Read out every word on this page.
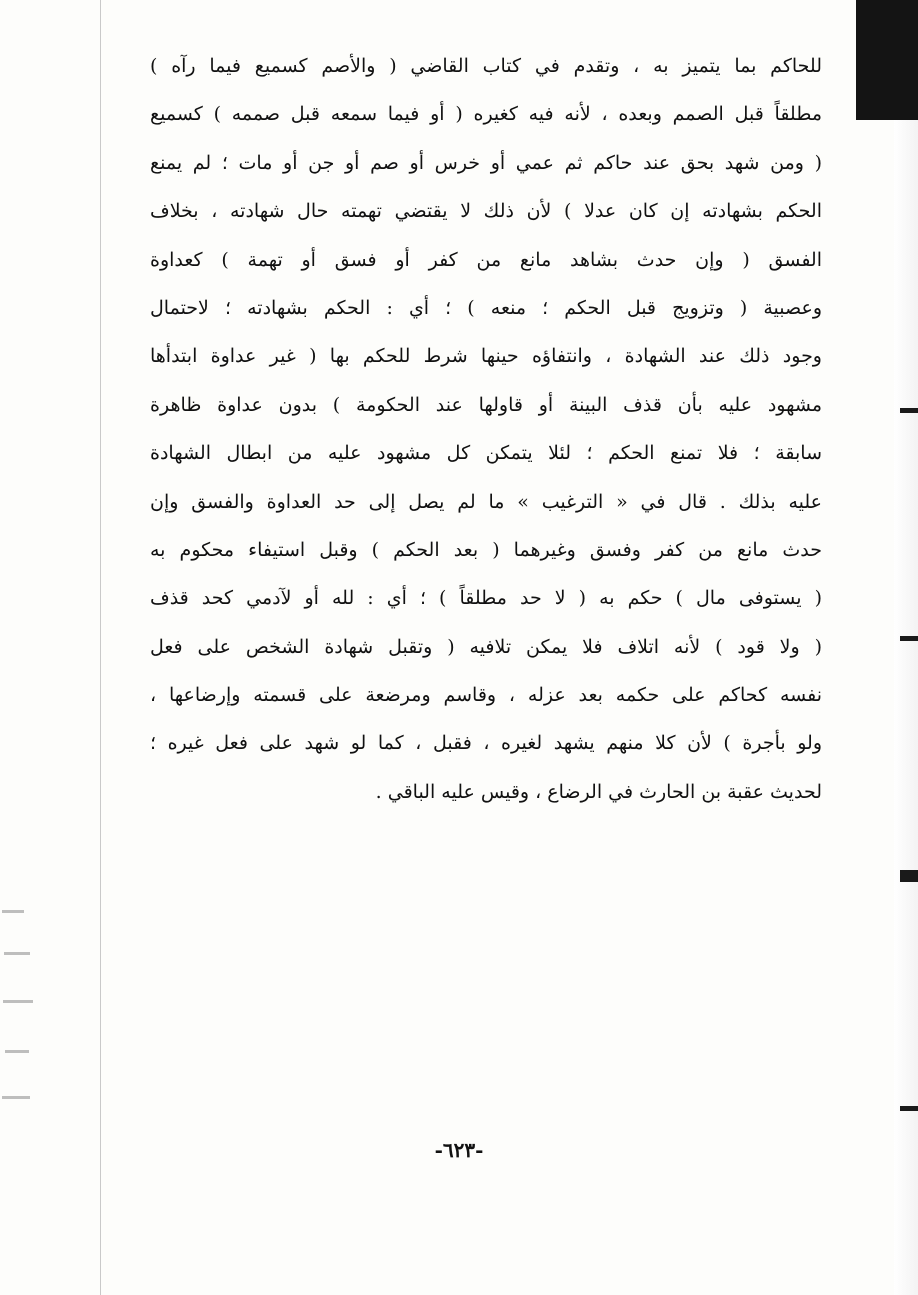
للحاكم بما يتميز به ، وتقدم في كتاب القاضي ( والأصم كسميع فيما رآه )
مطلقاً قبل الصمم وبعده ، لأنه فيه كغيره ( أو فيما سمعه قبل صممه ) كسميع
( ومن شهد بحق عند حاكم ثم عمي أو خرس أو صم أو جن أو مات ؛ لم يمنع
الحكم بشهادته إن كان عدلا ) لأن ذلك لا يقتضي تهمته حال شهادته ، بخلاف
الفسق ( وإن حدث بشاهد مانع من كفر أو فسق أو تهمة ) كعداوة
وعصبية ( وتزويج قبل الحكم ؛ منعه ) ؛ أي : الحكم بشهادته ؛ لاحتمال
وجود ذلك عند الشهادة ، وانتفاؤه حينها شرط للحكم بها ( غير عداوة ابتدأها
مشهود عليه بأن قذف البينة أو قاولها عند الحكومة ) بدون عداوة ظاهرة
سابقة ؛ فلا تمنع الحكم ؛ لئلا يتمكن كل مشهود عليه من ابطال الشهادة
عليه بذلك . قال في « الترغيب » ما لم يصل إلى حد العداوة والفسق وإن
حدث مانع من كفر وفسق وغيرهما ( بعد الحكم ) وقبل استيفاء محكوم به
( يستوفى مال ) حكم به ( لا حد مطلقاً ) ؛ أي : لله أو لآدمي كحد قذف
( ولا قود ) لأنه اتلاف فلا يمكن تلافيه ( وتقبل شهادة الشخص على فعل
نفسه كحاكم على حكمه بعد عزله ، وقاسم ومرضعة على قسمته وإرضاعها ،
ولو بأجرة ) لأن كلا منهم يشهد لغيره ، فقبل ، كما لو شهد على فعل غيره ؛
لحديث عقبة بن الحارث في الرضاع ، وقيس عليه الباقي .
-٦٢٣-
